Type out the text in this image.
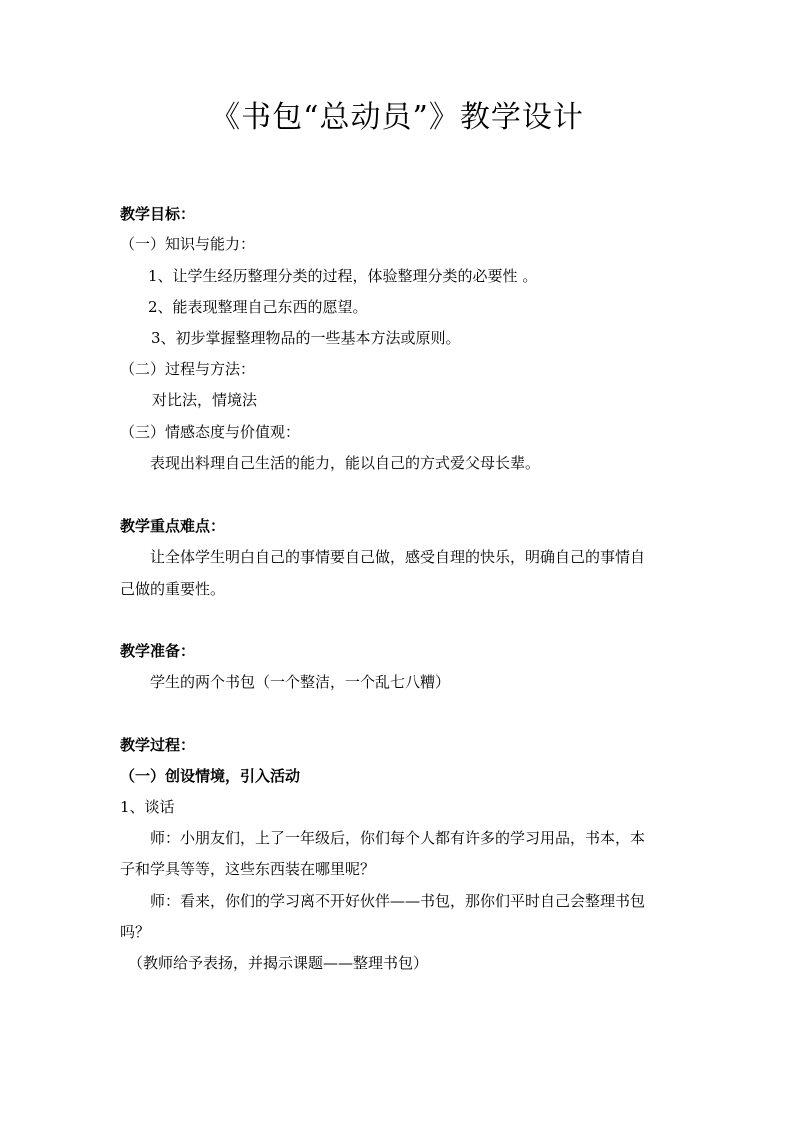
《书包“总动员”》教学设计
教学目标：
（一）知识与能力：
1、让学生经历整理分类的过程，体验整理分类的必要性 。
2、能表现整理自己东西的愿望。
3、初步掌握整理物品的一些基本方法或原则。
（二）过程与方法：
对比法，情境法
（三）情感态度与价值观：
表现出料理自己生活的能力，能以自己的方式爱父母长辈。
教学重点难点：
让全体学生明白自己的事情要自己做，感受自理的快乐，明确自己的事情自
己做的重要性。
教学准备：
学生的两个书包（一个整洁，一个乱七八糟）
教学过程：
（一）创设情境，引入活动
1、谈话
师：小朋友们，上了一年级后，你们每个人都有许多的学习用品，书本，本
子和学具等等，这些东西装在哪里呢？
师：看来，你们的学习离不开好伙伴——书包，那你们平时自己会整理书包
吗？
（教师给予表扬，并揭示课题——整理书包）
